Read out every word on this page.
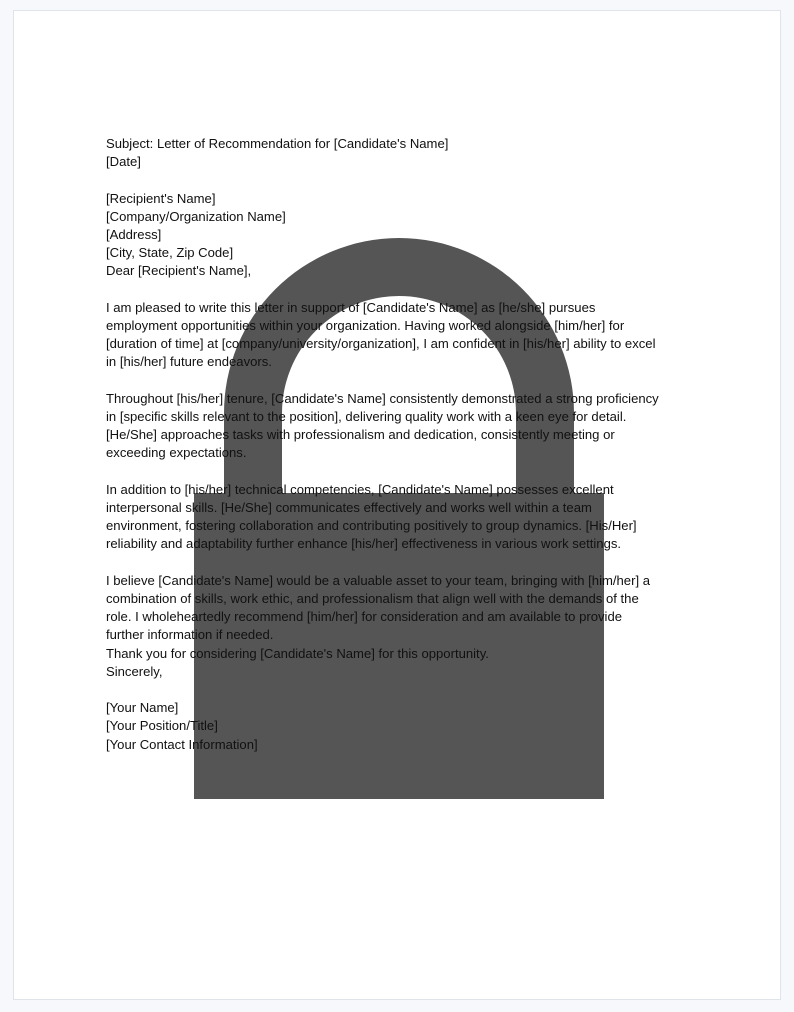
Subject: Letter of Recommendation for [Candidate's Name]

[Date]

[Recipient's Name]
[Company/Organization Name]
[Address]
[City, State, Zip Code]

Dear [Recipient's Name],

I am pleased to write this letter in support of [Candidate's Name] as [he/she] pursues
employment opportunities within your organization. Having worked alongside [him/her] for
[duration of time] at [company/university/organization], I am confident in [his/her] ability to excel
in [his/her] future endeavors.
Throughout [his/her] tenure, [Candidate's Name] consistently demonstrated a strong proficiency
in [specific skills relevant to the position], delivering quality work with a keen eye for detail.
[He/She] approaches tasks with professionalism and dedication, consistently meeting or
exceeding expectations.
In addition to [his/her] technical competencies, [Candidate's Name] possesses excellent
interpersonal skills. [He/She] communicates effectively and works well within a team
environment, fostering collaboration and contributing positively to group dynamics. [His/Her]
reliability and adaptability further enhance [his/her] effectiveness in various work settings.
I believe [Candidate's Name] would be a valuable asset to your team, bringing with [him/her] a
combination of skills, work ethic, and professionalism that align well with the demands of the
role. I wholeheartedly recommend [him/her] for consideration and am available to provide
further information if needed.

Thank you for considering [Candidate's Name] for this opportunity.

Sincerely,

[Your Name]
[Your Position/Title]
[Your Contact Information]
